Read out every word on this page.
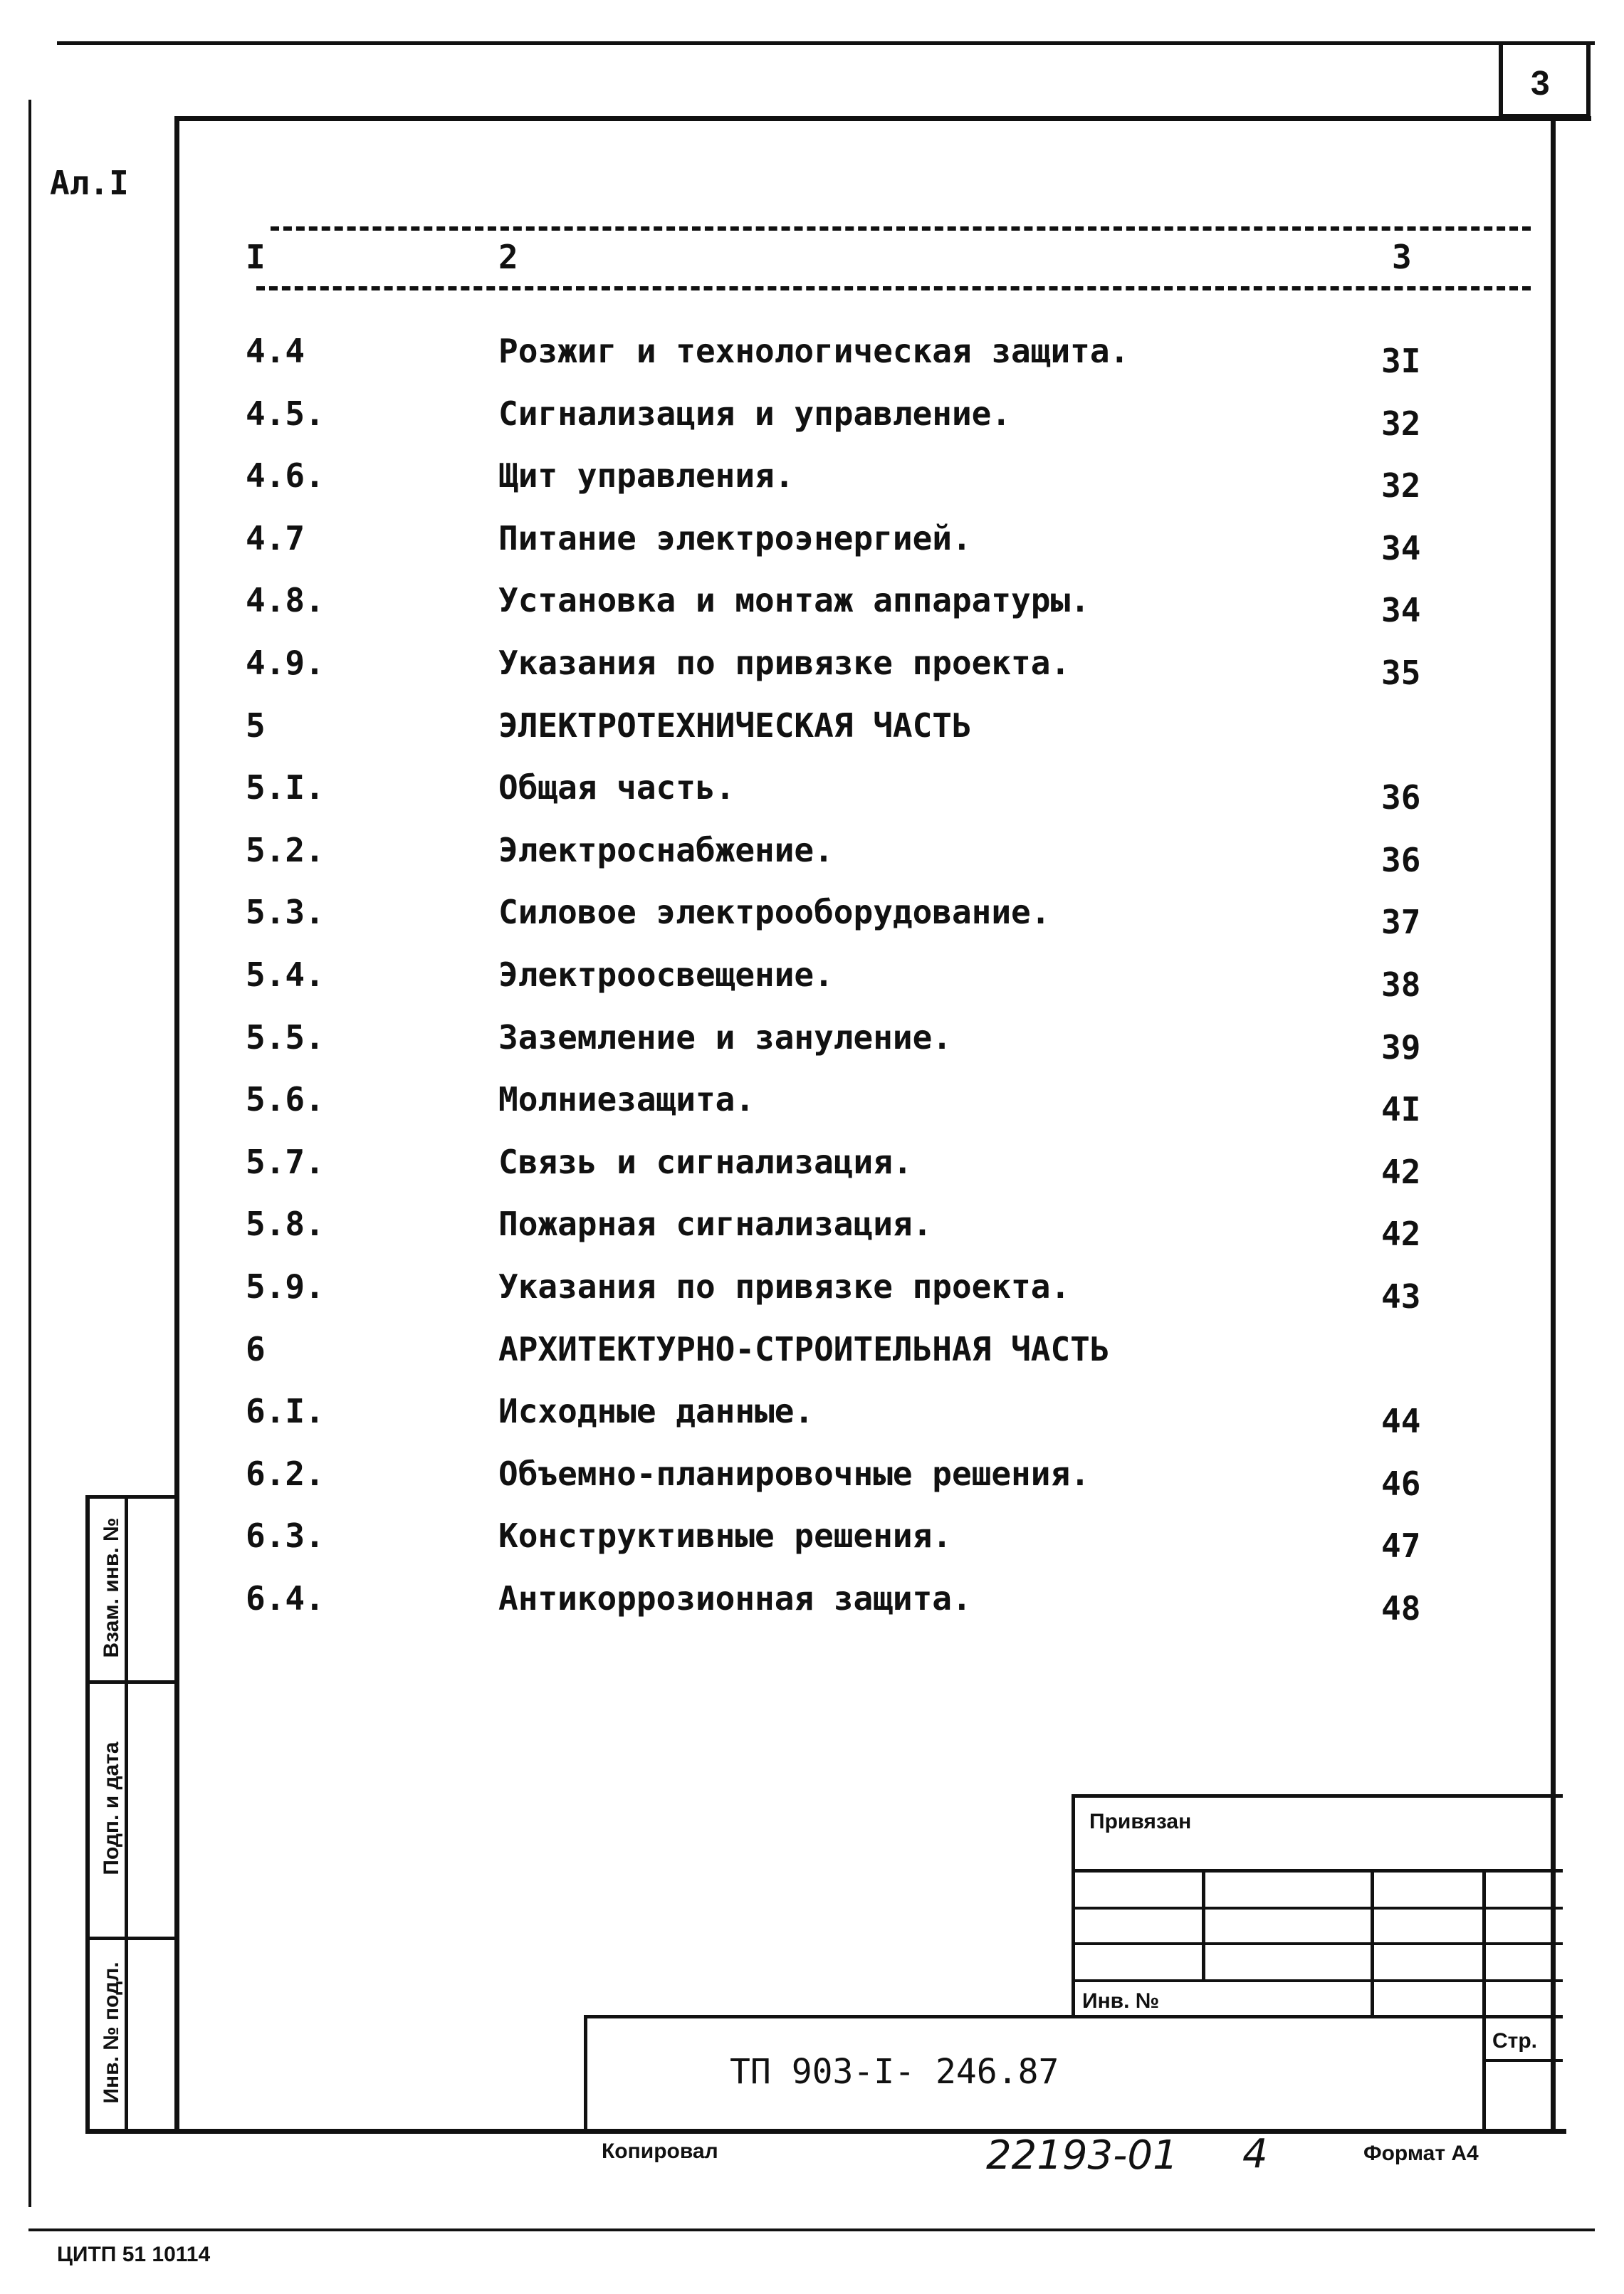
3
Ал.I
I	2	3
4.4	Розжиг и технологическая защита.	3I
4.5.	Сигнализация и управление.	32
4.6.	Щит управления.	32
4.7	Питание электроэнергией.	34
4.8.	Установка и монтаж аппаратуры.	34
4.9.	Указания по привязке проекта.	35
5	ЭЛЕКТРОТЕХНИЧЕСКАЯ ЧАСТЬ
5.I.	Общая часть.	36
5.2.	Электроснабжение.	36
5.3.	Силовое электрооборудование.	37
5.4.	Электроосвещение.	38
5.5.	Заземление и зануление.	39
5.6.	Молниезащита.	4I
5.7.	Связь и сигнализация.	42
5.8.	Пожарная сигнализация.	42
5.9.	Указания по привязке проекта.	43
6	АРХИТЕКТУРНО-СТРОИТЕЛЬНАЯ ЧАСТЬ
6.I.	Исходные данные.	44
6.2.	Объемно-планировочные решения.	46
6.3.	Конструктивные решения.	47
6.4.	Антикоррозионная защита.	48
Взам. инв. №
Подп. и дата
Инв. № подл.
Привязан
Инв. №
Стр.
ТП 903-I- 246.87
Копировал	22193-01 4	Формат А4
ЦИТП 51 10114
